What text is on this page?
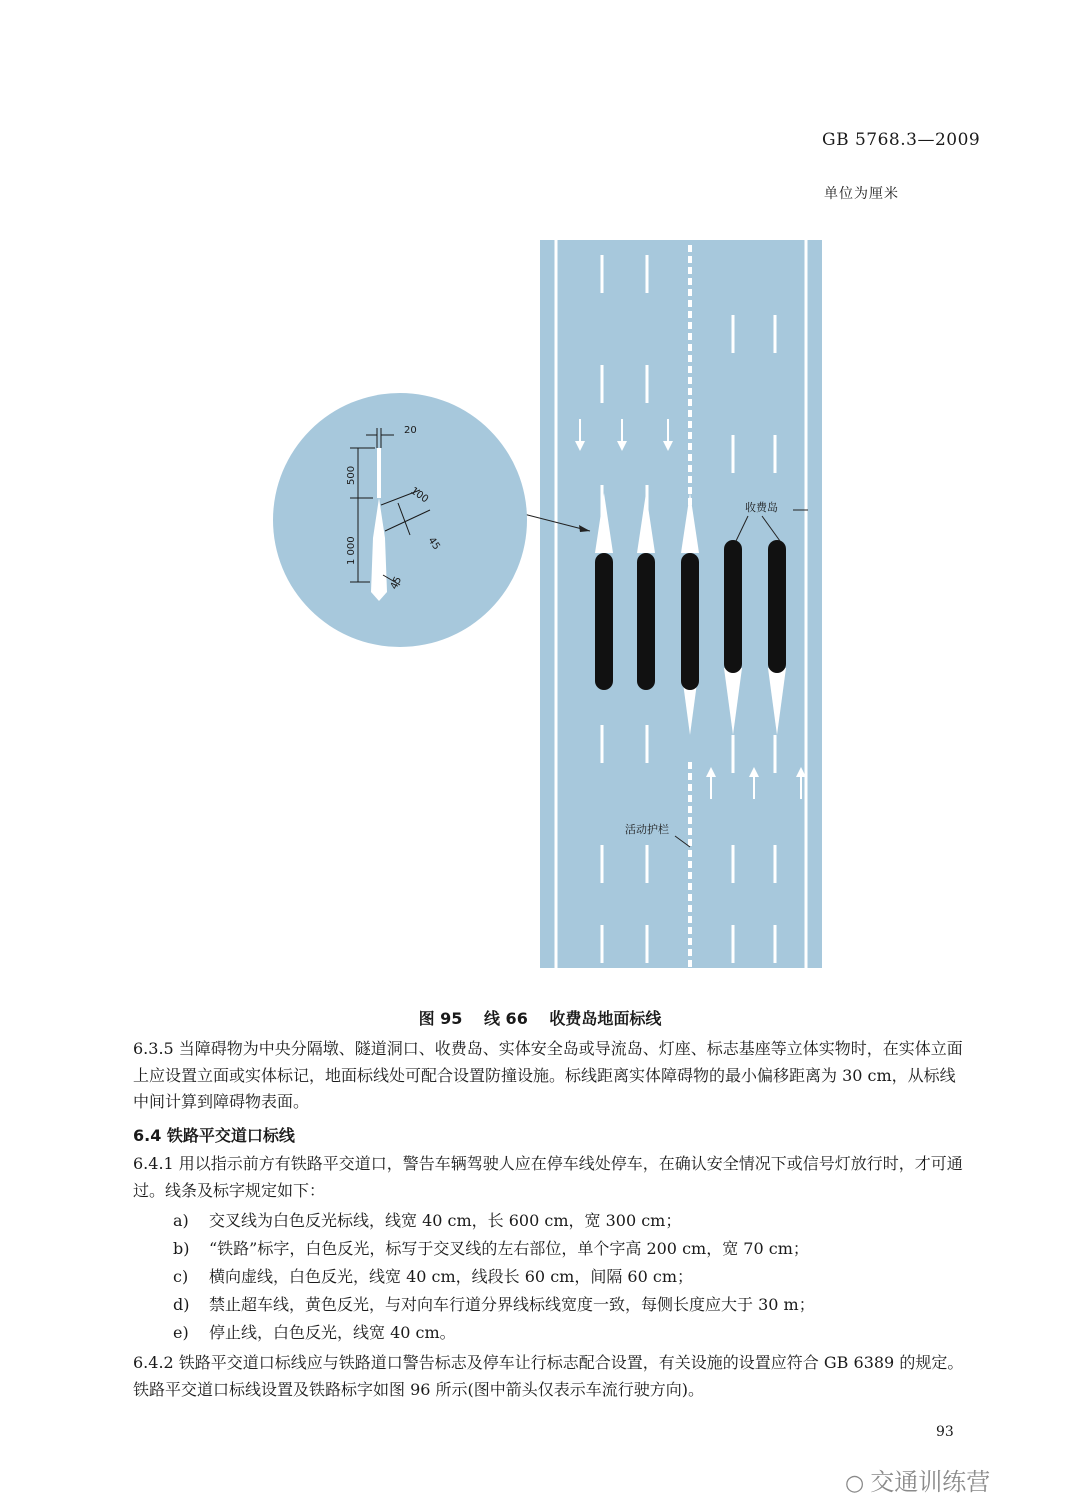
GB 5768.3—2009
单位为厘米
收费岛
活动护栏
20
500
1 000
100
45
45
图 95 线 66 收费岛地面标线
6.3.5 当障碍物为中央分隔墩、隧道洞口、收费岛、实体安全岛或导流岛、灯座、标志基座等立体实物时，在实体立面上应设置立面或实体标记，地面标线处可配合设置防撞设施。标线距离实体障碍物的最小偏移距离为 30 cm，从标线中间计算到障碍物表面。
6.4 铁路平交道口标线
6.4.1 用以指示前方有铁路平交道口，警告车辆驾驶人应在停车线处停车，在确认安全情况下或信号灯放行时，才可通过。线条及标字规定如下：
a) 交叉线为白色反光标线，线宽 40 cm，长 600 cm，宽 300 cm；
b) “铁路”标字，白色反光，标写于交叉线的左右部位，单个字高 200 cm，宽 70 cm；
c) 横向虚线，白色反光，线宽 40 cm，线段长 60 cm，间隔 60 cm；
d) 禁止超车线，黄色反光，与对向车行道分界线标线宽度一致，每侧长度应大于 30 m；
e) 停止线，白色反光，线宽 40 cm。
6.4.2 铁路平交道口标线应与铁路道口警告标志及停车让行标志配合设置，有关设施的设置应符合 GB 6389 的规定。铁路平交道口标线设置及铁路标字如图 96 所示(图中箭头仅表示车流行驶方向)。
93
○ 交通训练营
